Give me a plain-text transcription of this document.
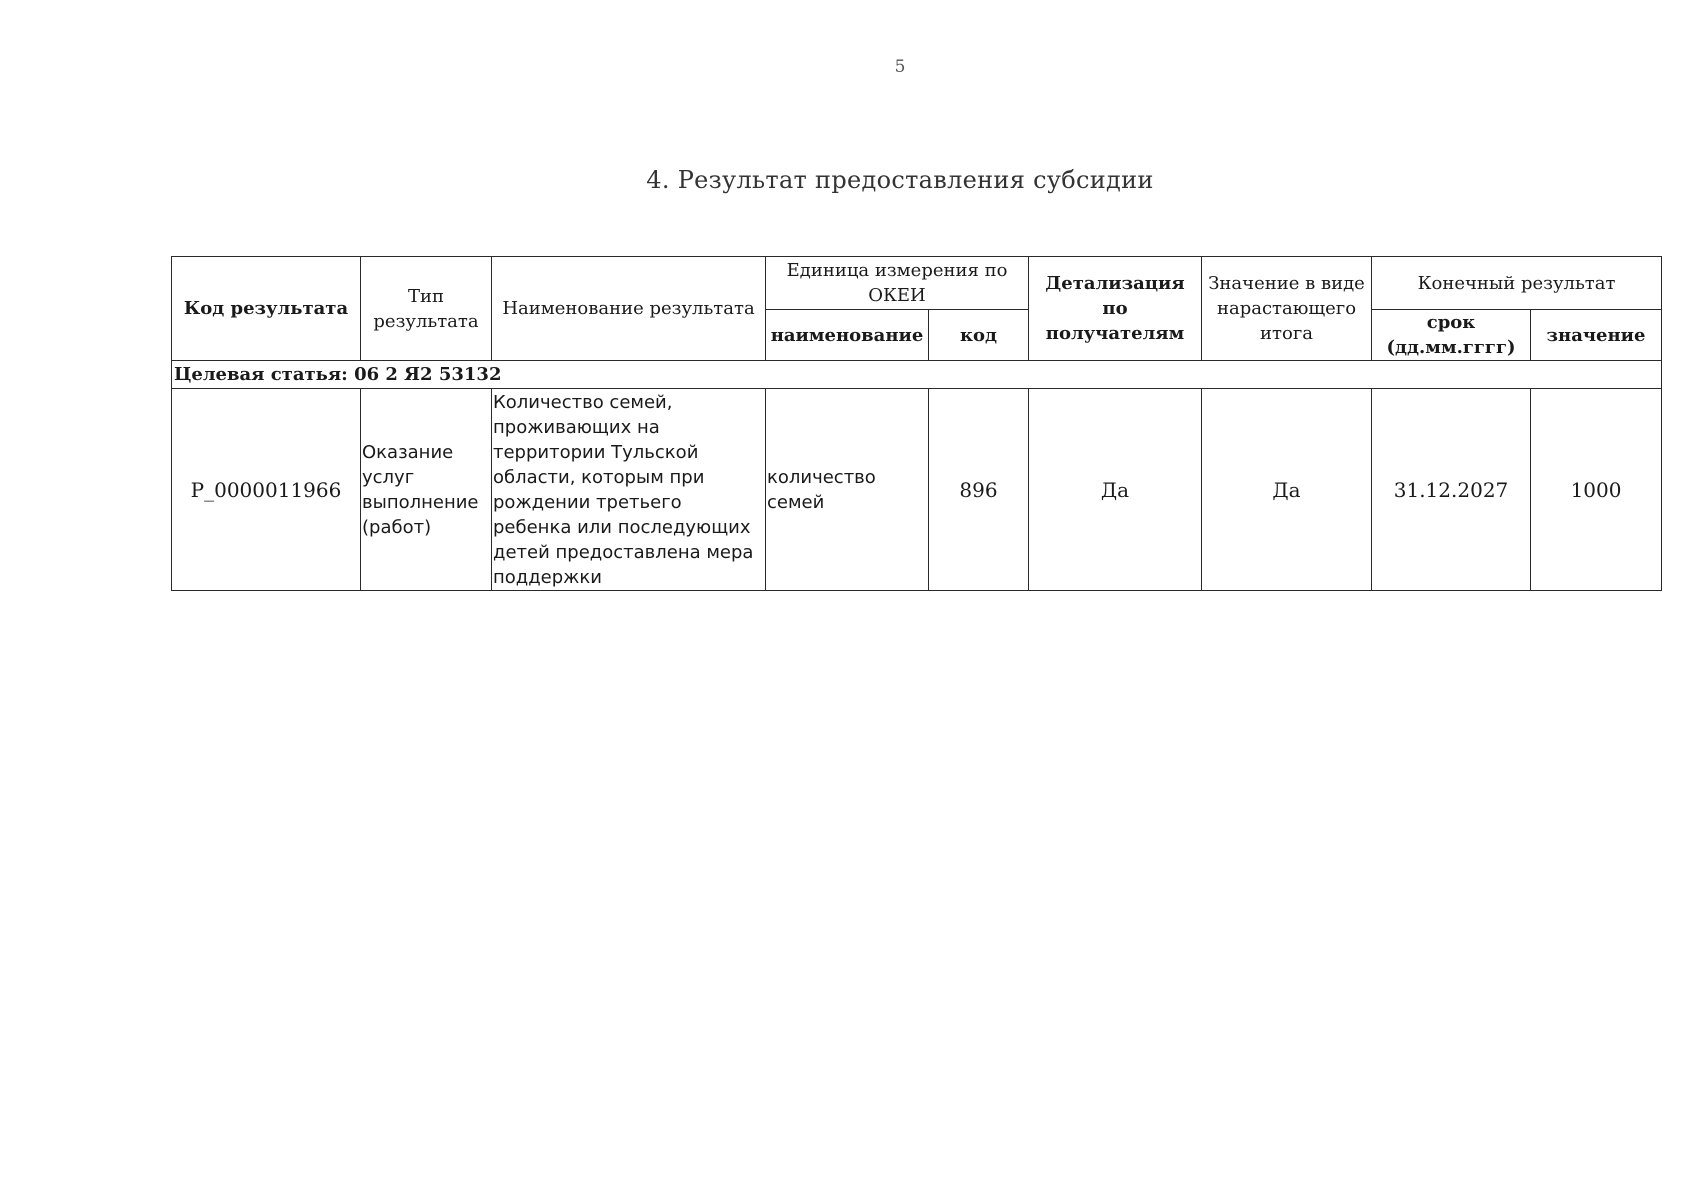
5
4. Результат предоставления субсидии
Код результата	Тип результата	Наименование результата	Единица измерения по ОКЕИ		Детализация по получателям	Значение в виде нарастающего итога	Конечный результат	
			наименование	код			срок (дд.мм.гггг)	значение
Целевая статья: 06 2 Я2 53132								
Р_0000011966	Оказание услуг выполнение (работ)	Количество семей, проживающих на территории Тульской области, которым при рождении третьего ребенка или последующих детей предоставлена мера поддержки	количество семей	896	Да	Да	31.12.2027	1000
